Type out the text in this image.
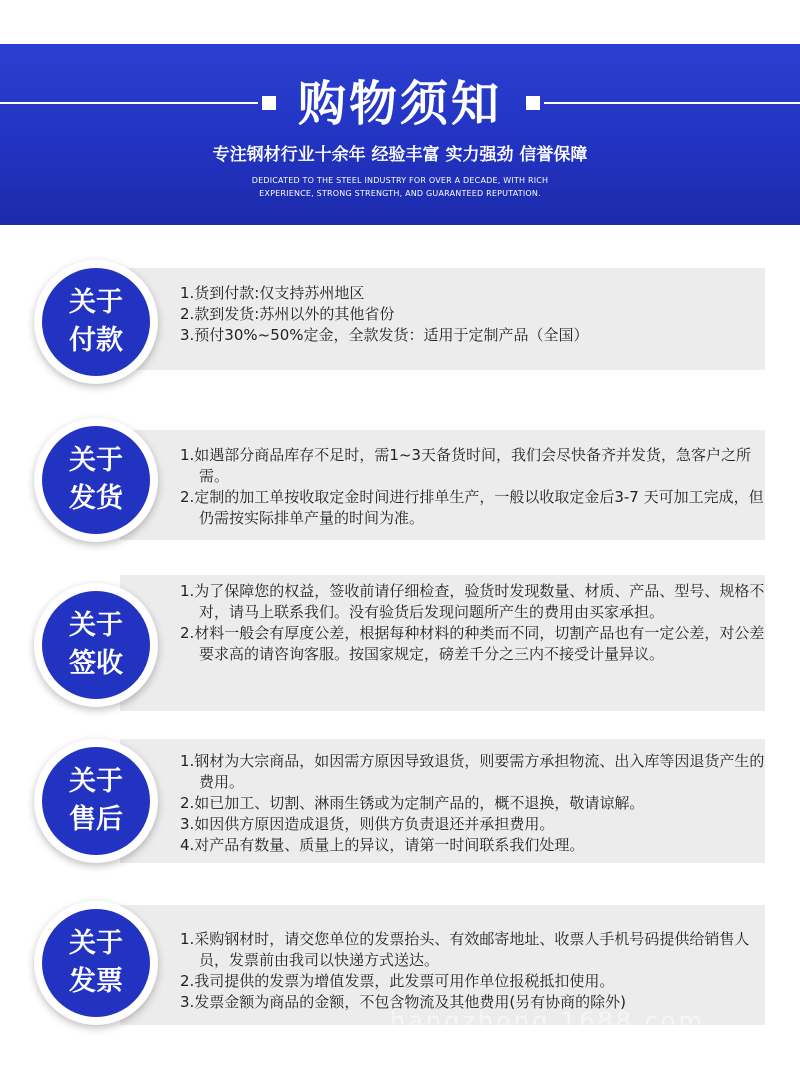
购物须知
专注钢材行业十余年 经验丰富 实力强劲 信誉保障
DEDICATED TO THE STEEL INDUSTRY FOR OVER A DECADE, WITH RICH
EXPERIENCE, STRONG STRENGTH, AND GUARANTEED REPUTATION.
关于
付款

1.货到付款:仅支持苏州地区

2.款到发货:苏州以外的其他省份

3.预付30%~50%定金，全款发货：适用于定制产品（全国）

关于
发货

1.如遇部分商品库存不足时，需1~3天备货时间，我们会尽快备齐并发货，急客户之所需。

2.定制的加工单按收取定金时间进行排单生产，一般以收取定金后3-7 天可加工完成，但仍需按实际排单产量的时间为准。

关于
签收

1.为了保障您的权益，签收前请仔细检查，验货时发现数量、材质、产品、型号、规格不对，请马上联系我们。没有验货后发现问题所产生的费用由买家承担。

2.材料一般会有厚度公差，根据每种材料的种类而不同，切割产品也有一定公差，对公差要求高的请咨询客服。按国家规定，磅差千分之三内不接受计量异议。

关于
售后

1.钢材为大宗商品，如因需方原因导致退货，则要需方承担物流、出入库等因退货产生的费用。

2.如已加工、切割、淋雨生锈或为定制产品的，概不退换，敬请谅解。

3.如因供方原因造成退货，则供方负责退还并承担费用。

4.对产品有数量、质量上的异议，请第一时间联系我们处理。

关于
发票

1.采购钢材时，请交您单位的发票抬头、有效邮寄地址、收票人手机号码提供给销售人员，发票前由我司以快递方式送达。

2.我司提供的发票为增值发票，此发票可用作单位报税抵扣使用。

3.发票金额为商品的金额，不包含物流及其他费用(另有协商的除外)

hangzhong.1688.com
